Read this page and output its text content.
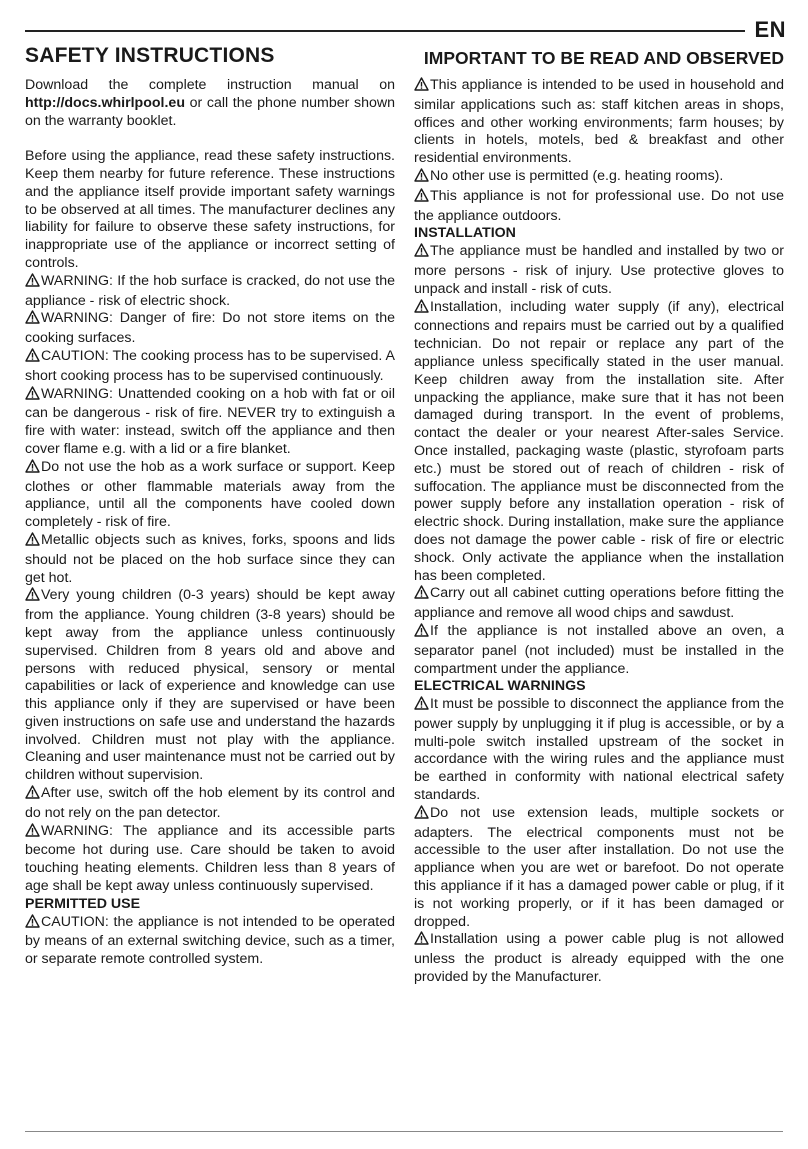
EN
SAFETY INSTRUCTIONS	IMPORTANT TO BE READ AND OBSERVED

Download the complete instruction manual on http://docs.whirlpool.eu or call the phone number shown on the warranty booklet.

Before using the appliance, read these safety instructions. Keep them nearby for future reference. These instructions and the appliance itself provide important safety warnings to be observed at all times. The manufacturer declines any liability for failure to observe these safety instructions, for inappropriate use of the appliance or incorrect setting of controls.

WARNING: If the hob surface is cracked, do not use the appliance - risk of electric shock.

WARNING: Danger of fire: Do not store items on the cooking surfaces.

CAUTION: The cooking process has to be supervised. A short cooking process has to be supervised continuously.

WARNING: Unattended cooking on a hob with fat or oil can be dangerous - risk of fire. NEVER try to extinguish a fire with water: instead, switch off the appliance and then cover flame e.g. with a lid or a fire blanket.

Do not use the hob as a work surface or support. Keep clothes or other flammable materials away from the appliance, until all the components have cooled down completely - risk of fire.

Metallic objects such as knives, forks, spoons and lids should not be placed on the hob surface since they can get hot.

Very young children (0-3 years) should be kept away from the appliance. Young children (3-8 years) should be kept away from the appliance unless continuously supervised. Children from 8 years old and above and persons with reduced physical, sensory or mental capabilities or lack of experience and knowledge can use this appliance only if they are supervised or have been given instructions on safe use and understand the hazards involved. Children must not play with the appliance. Cleaning and user maintenance must not be carried out by children without supervision.

After use, switch off the hob element by its control and do not rely on the pan detector.

WARNING: The appliance and its accessible parts become hot during use. Care should be taken to avoid touching heating elements. Children less than 8 years of age shall be kept away unless continuously supervised.

PERMITTED USE

CAUTION: the appliance is not intended to be operated by means of an external switching device, such as a timer, or separate remote controlled system.

This appliance is intended to be used in household and similar applications such as: staff kitchen areas in shops, offices and other working environments; farm houses; by clients in hotels, motels, bed & breakfast and other residential environments.

No other use is permitted (e.g. heating rooms).

This appliance is not for professional use. Do not use the appliance outdoors.

INSTALLATION

The appliance must be handled and installed by two or more persons - risk of injury. Use protective gloves to unpack and install - risk of cuts.

Installation, including water supply (if any), electrical connections and repairs must be carried out by a qualified technician. Do not repair or replace any part of the appliance unless specifically stated in the user manual. Keep children away from the installation site. After unpacking the appliance, make sure that it has not been damaged during transport. In the event of problems, contact the dealer or your nearest After-sales Service. Once installed, packaging waste (plastic, styrofoam parts etc.) must be stored out of reach of children - risk of suffocation. The appliance must be disconnected from the power supply before any installation operation - risk of electric shock. During installation, make sure the appliance does not damage the power cable - risk of fire or electric shock. Only activate the appliance when the installation has been completed.

Carry out all cabinet cutting operations before fitting the appliance and remove all wood chips and sawdust.

If the appliance is not installed above an oven, a separator panel (not included) must be installed in the compartment under the appliance.

ELECTRICAL WARNINGS

It must be possible to disconnect the appliance from the power supply by unplugging it if plug is accessible, or by a multi-pole switch installed upstream of the socket in accordance with the wiring rules and the appliance must be earthed in conformity with national electrical safety standards.

Do not use extension leads, multiple sockets or adapters. The electrical components must not be accessible to the user after installation. Do not use the appliance when you are wet or barefoot. Do not operate this appliance if it has a damaged power cable or plug, if it is not working properly, or if it has been damaged or dropped.

Installation using a power cable plug is not allowed unless the product is already equipped with the one provided by the Manufacturer.
